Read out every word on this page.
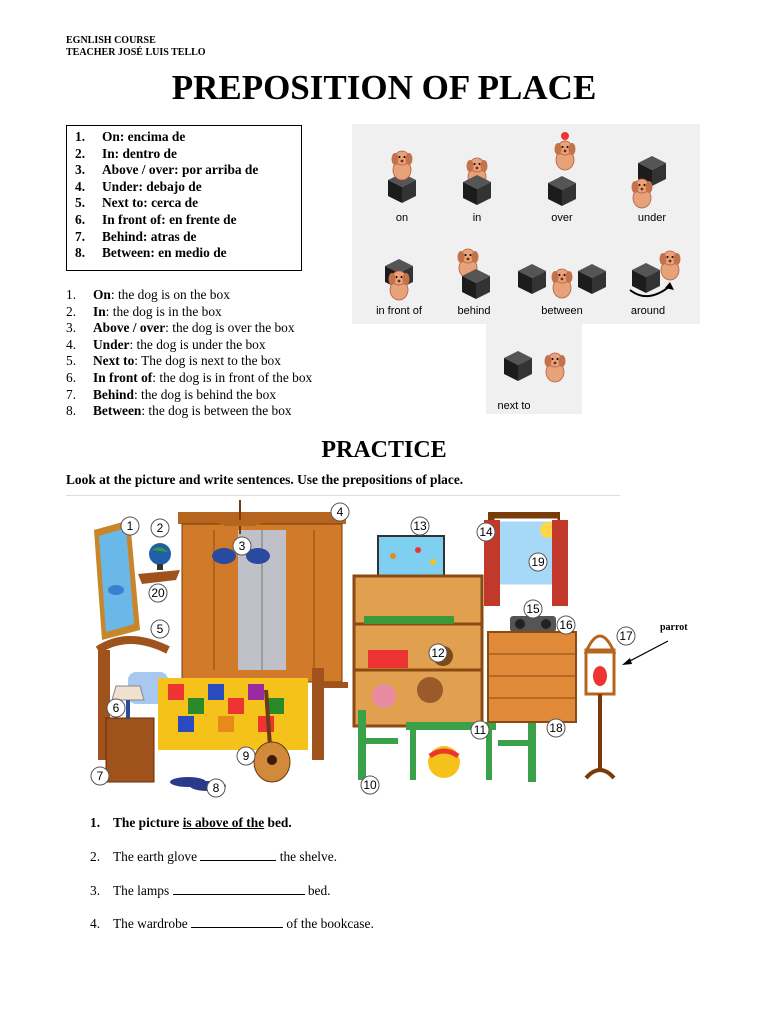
EGNLISH COURSE
TEACHER JOSÉ LUIS TELLO
PREPOSITION OF PLACE
1. On: encima de
2. In: dentro de
3. Above / over: por arriba de
4. Under: debajo de
5. Next to: cerca de
6. In front of: en frente de
7. Behind: atras de
8. Between: en medio de
1. On: the dog is on the box
2. In: the dog is in the box
3. Above / over: the dog is over the box
4. Under: the dog is under the box
5. Next to: The dog is next to the box
6. In front of: the dog is in front of the box
7. Behind: the dog is behind the box
8. Between: the dog is between the box
on	in	over	under
in front of	behind	between	around
next to
PRACTICE
Look at the picture and write sentences. Use the prepositions of place.
1 2
3
4
5
6
7
8
9
10
11
12
13	14
15
16
17
18
19
20
parrot
1. The picture is above of the bed.
2. The earth glove	the shelve.
3. The lamps	bed.
4. The wardrobe	of the bookcase.
